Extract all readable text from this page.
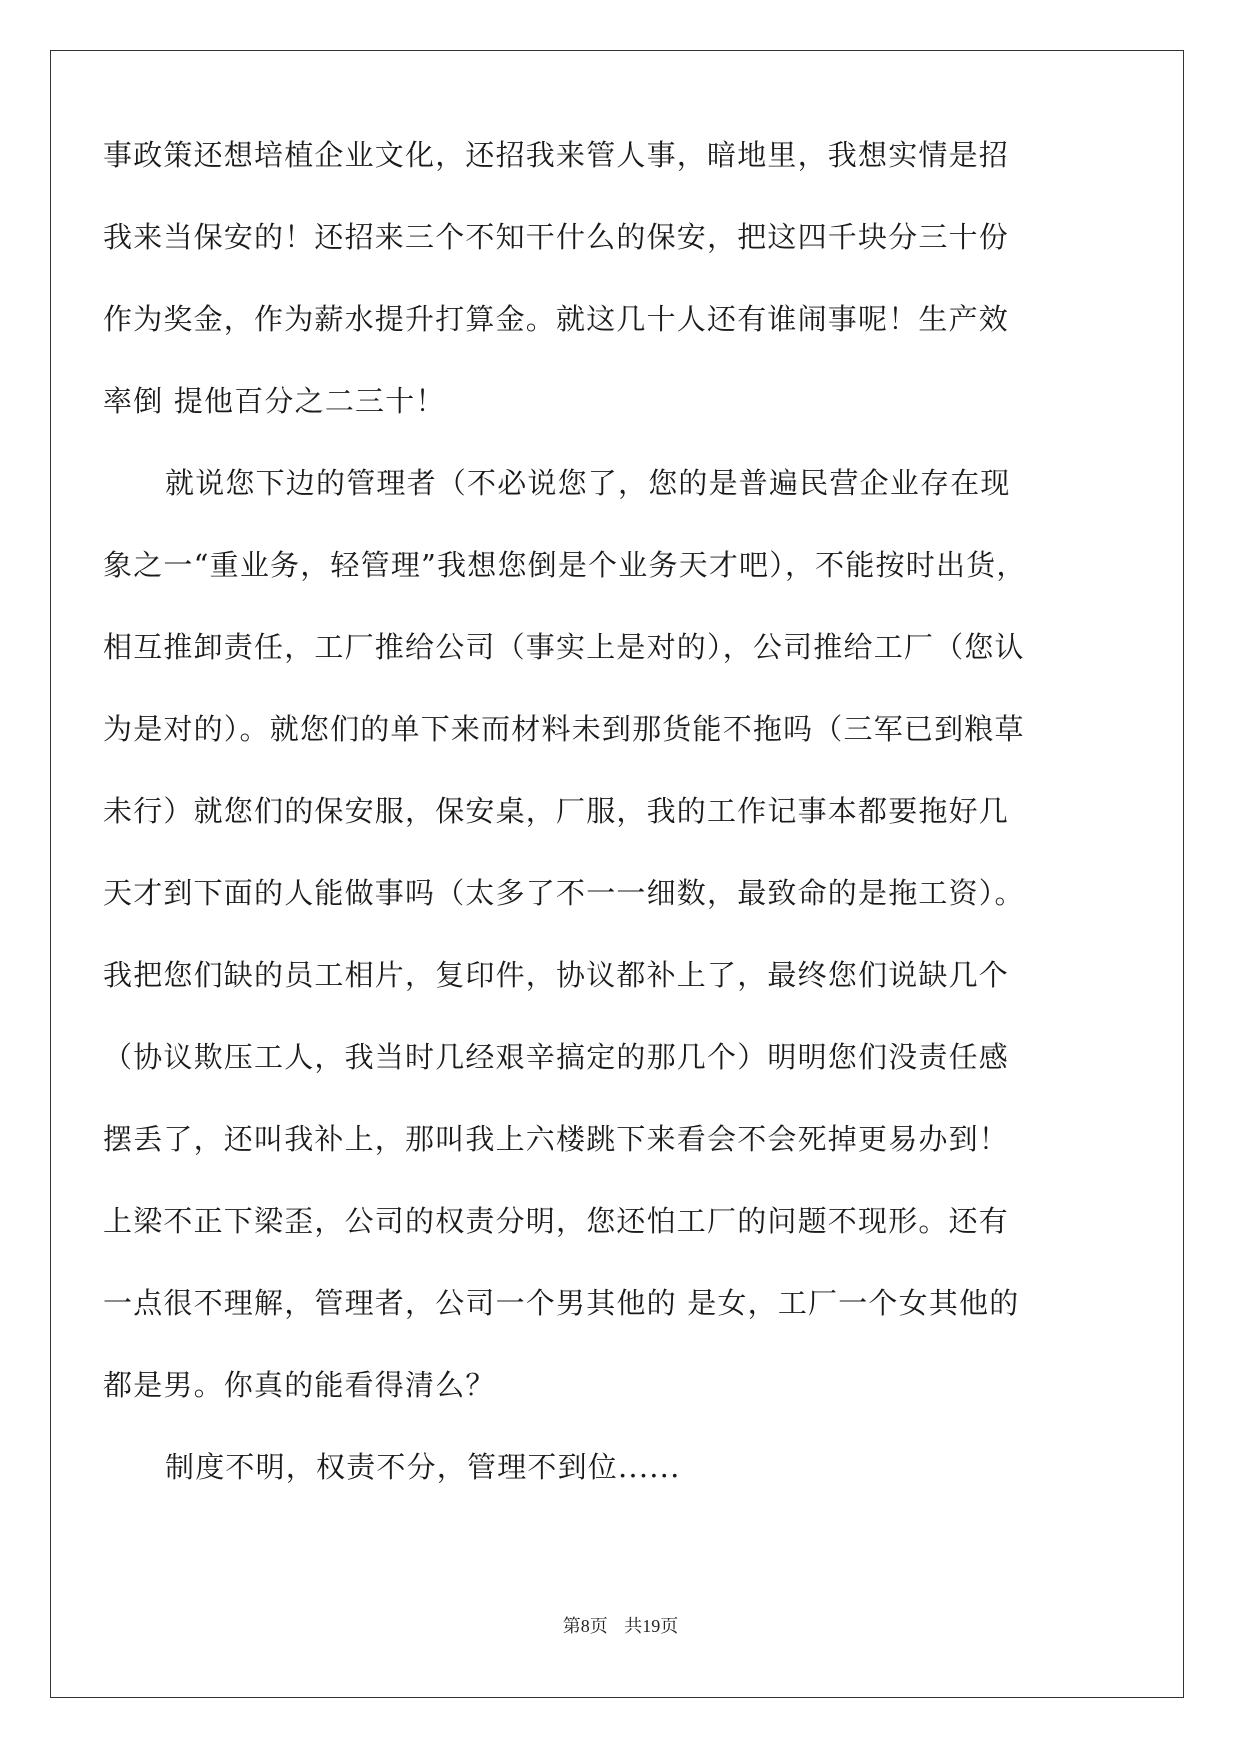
事政策还想培植企业文化，还招我来管人事，暗地里，我想实情是招
我来当保安的！还招来三个不知干什么的保安，把这四千块分三十份
作为奖金，作为薪水提升打算金。就这几十人还有谁闹事呢！生产效
率倒 提他百分之二三十！
就说您下边的管理者（不必说您了，您的是普遍民营企业存在现
象之一“重业务，轻管理”我想您倒是个业务天才吧），不能按时出货，
相互推卸责任，工厂推给公司（事实上是对的），公司推给工厂（您认
为是对的）。就您们的单下来而材料未到那货能不拖吗（三军已到粮草
未行）就您们的保安服，保安桌，厂服，我的工作记事本都要拖好几
天才到下面的人能做事吗（太多了不一一细数，最致命的是拖工资）。
我把您们缺的员工相片，复印件，协议都补上了，最终您们说缺几个
（协议欺压工人，我当时几经艰辛搞定的那几个）明明您们没责任感
摆丢了，还叫我补上，那叫我上六楼跳下来看会不会死掉更易办到！
上梁不正下梁歪，公司的权责分明，您还怕工厂的问题不现形。还有
一点很不理解，管理者，公司一个男其他的 是女，工厂一个女其他的
都是男。你真的能看得清么？
制度不明，权责不分，管理不到位......
第8页 共19页
